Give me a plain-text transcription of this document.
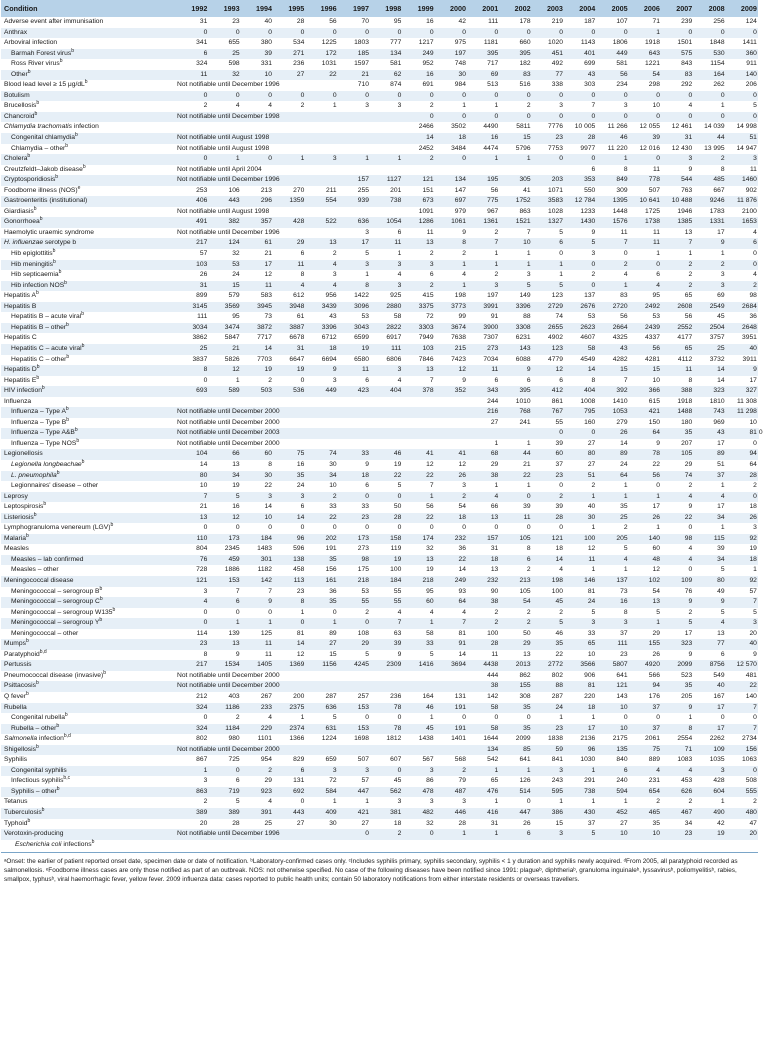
Condition	1992	1993	1994	1995	1996	1997	1998	1999	2000	2001	2002	2003	2004	2005	2006	2007	2008	2009	
Adverse event after immunisation	31	23	40	28	56	70	95	16	42	111	178	219	187	107	71	239	256	124	
Anthrax	0	0	0	0	0	0	0	0	0	0	0	0	0	0	1	0	0	0	
Arboviral infection	341	655	380	534	1225	1803	777	1217	975	1181	660	1020	1143	1806	1918	1501	1848	1411	
Barmah Forest virus$^b$	6	25	39	271	172	185	134	249	197	395	395	451	401	449	643	575	530	360	
Ross River virus$^b$	324	598	331	236	1031	1597	581	952	748	717	182	492	699	581	1221	843	1154	911	
Other$^b$	11	32	10	27	22	21	62	16	30	69	83	77	43	56	54	83	164	140	
Blood lead level ≥ 15 $\mu g/dL^b$	Not notifiable until December 1996					710	874	691	984	513	516	338	303	234	298	292	262	206	
Botulism	0	0	0	0	0	0	0	0	0	0	0	0	0	0	0	0	0	0	
Brucellosis$^b$	2	4	4	2	1	3	3	2	1	1	2	3	7	3	10	4	1	5	
Chancroid$^b$	Not notifiable until December 1998							0	0	0	0	0	0	0	0	0	0	0	
Chlamydia trachomatis infection								2466	3502	4490	5811	7776	10 005	11 266	12 055	12 461	14 039	14 998	
Congenital chlamydia$^b$	Not notifiable until August 1998							14	18	16	15	23	28	46	39	31	44	51	
Chlamydia – other$^b$	Not notifiable until August 1998							2452	3484	4474	5796	7753	9977	11 220	12 016	12 430	13 995	14 947	
Cholera$^b$	0	1	0	1	3	1	1	2	0	1	1	0	0	1	0	3	2	3	
Creutzfeldt–Jakob disease$^b$	Not notifiable until April 2004												6	8	11	9	8	11	
Cryptosporidiosis$^b$	Not notifiable until December 1996					157	1127	121	134	195	305	203	353	849	778	544	485	1460	
Foodborne illness (NOS)$^e$	253	106	213	270	211	255	201	151	147	56	41	1071	550	309	507	763	667	902	
Gastroenteritis (institutional)	406	443	296	1359	554	939	738	673	697	775	1752	3583	12 784	1395	10 641	10 488	9246	11 876	
Giardiasis$^b$	Not notifiable until August 1998							1091	979	967	863	1028	1233	1448	1725	1946	1783	2100	
Gonorrhoea$^b$	491	382	357	428	522	636	1054	1286	1061	1361	1521	1327	1430	1576	1738	1385	1331	1653	
Haemolytic uraemic syndrome	Not notifiable until December 1996					3	6	11	9	2	7	5	9	11	11	13	17	4	
H. influenzae serotype b	217	124	61	29	13	17	11	13	8	7	10	6	5	7	11	7	9	6	
Hib epiglottitis$^b$	57	32	21	6	2	5	1	2	2	1	1	0	3	0	1	1	1	0	
Hib meningitis$^b$	103	53	17	11	4	3	3	3	1	1	1	1	0	2	0	2	2	0	
Hib septicaemia$^b$	26	24	12	8	3	1	4	6	4	2	3	1	2	4	6	2	3	4	
Hib infection NOS$^b$	31	15	11	4	4	8	3	2	1	3	5	5	0	1	4	2	3	2	
Hepatitis $A^b$	899	579	583	612	956	1422	925	415	198	197	149	123	137	83	95	65	69	98	
Hepatitis B	3145	3569	3945	3948	3439	3096	2880	3375	3773	3991	3396	2729	2676	2720	2492	2608	2549	2684	
Hepatitis B – acute viral$^b$	111	95	73	61	43	53	58	72	99	91	88	74	53	56	53	56	45	36	
Hepatitis B – other$^b$	3034	3474	3872	3887	3396	3043	2822	3303	3674	3900	3308	2655	2623	2664	2439	2552	2504	2648	
Hepatitis C	3862	5847	7717	6678	6712	6599	6917	7949	7638	7307	6231	4902	4607	4325	4337	4177	3757	3951	
Hepatitis C – acute viral$^b$	25	21	14	31	18	19	111	103	215	273	143	123	58	43	56	65	25	40	
Hepatitis C – other$^b$	3837	5826	7703	6647	6694	6580	6806	7846	7423	7034	6088	4779	4549	4282	4281	4112	3732	3911	
Hepatitis $D^b$	8	12	19	19	9	11	3	13	12	11	9	12	14	15	15	11	14	9	
Hepatitis $E^b$	0	1	2	0	3	6	4	7	9	6	6	6	8	7	10	8	14	17	
HIV infection$^b$	693	589	503	536	449	423	404	378	352	343	395	412	404	392	366	388	323	327	
Influenza										244	1010	861	1008	1410	615	1918	1810	11 308	
Influenza – Type $A^b$	Not notifiable until December 2000									216	768	767	795	1053	421	1488	743	11 298	
Influenza – Type $B^b$	Not notifiable until December 2000									27	241	55	160	279	150	180	969	10	
Influenza – Type $A\&B^b$	Not notifiable until December 2003											0	0	26	64	35	43	81	0
Influenza – Type NOS$^b$	Not notifiable until December 2000									1	1	39	27	14	9	207	17	0	
Legionellosis	104	66	60	75	74	33	46	41	41	68	44	60	80	89	78	105	89	94	
Legionella longbeachae$^b$	14	13	8	16	30	9	19	12	12	29	21	37	27	24	22	29	51	64	
L. pneumophila$^b$	80	34	30	35	34	18	22	22	26	38	22	23	51	64	56	74	37	28	
Legionnaires' disease – other	10	19	22	24	10	6	5	7	3	1	1	0	2	1	0	2	1	2	
Leprosy	7	5	3	3	2	0	0	1	2	4	0	2	1	1	1	4	4	0	
Leptospirosis$^b$	21	16	14	6	33	33	50	56	54	66	39	39	40	35	17	9	17	18	
Listeriosis$^b$	13	12	10	14	22	23	28	22	18	13	11	28	30	25	26	22	34	26	
Lymphogranuloma venereum (LGV)$^b$	0	0	0	0	0	0	0	0	0	0	0	0	1	2	1	0	1	3	
Malaria$^b$	110	173	184	96	202	173	158	174	232	157	105	121	100	205	140	98	115	92	
Measles	804	2345	1483	596	191	273	119	32	36	31	8	18	12	5	60	4	39	19	
Measles – lab confirmed	76	459	301	138	35	98	19	13	22	18	6	14	11	4	48	4	34	18	
Measles – other	728	1886	1182	458	156	175	100	19	14	13	2	4	1	1	12	0	5	1	
Meningococcal disease	121	153	142	113	161	218	184	218	249	232	213	198	146	137	102	109	80	92	
Meningococcal – serogroup $B^b$	3	7	7	23	36	53	55	95	93	90	105	100	81	73	54	76	49	57	
Meningococcal – serogroup $C^b$	4	6	9	8	35	55	55	60	64	38	54	45	24	16	13	9	9	7	
Meningococcal – serogroup W135$^b$	0	0	0	1	0	2	4	4	4	2	2	2	5	8	5	2	5	5	
Meningococcal – serogroup $Y^b$	0	1	1	0	1	0	7	1	7	2	2	5	3	3	1	5	4	3	
Meningococcal – other	114	139	125	81	89	108	63	58	81	100	50	46	33	37	29	17	13	20	
Mumps$^b$	23	13	11	14	27	29	39	33	91	28	29	35	65	111	155	323	77	40	
Paratyphoid$^{b,d}$	8	9	11	12	15	5	9	5	14	11	13	22	10	23	26	9	6	9	
Pertussis	217	1534	1405	1369	1156	4245	2309	1416	3694	4438	2013	2772	3566	5807	4920	2099	8756	12 570	
Pneumococcal disease (invasive)$^b$	Not notifiable until December 2000									444	862	802	906	641	566	523	549	481	
Psittacosis$^b$	Not notifiable until December 2000									38	155	88	81	121	94	35	40	22	
Q fever$^b$	212	403	267	200	287	257	236	164	131	142	308	287	220	143	176	205	167	140	
Rubella	324	1186	233	2375	636	153	78	46	191	58	35	24	18	10	37	9	17	7	
Congenital rubella$^b$	0	2	4	1	5	0	0	1	0	0	0	1	1	0	0	1	0	0	
Rubella – other$^b$	324	1184	229	2374	631	153	78	45	191	58	35	23	17	10	37	8	17	7	
Salmonella infection$^{b,d}$	802	980	1101	1366	1224	1698	1812	1438	1401	1644	2099	1838	2136	2175	2061	2554	2262	2734	
Shigellosis$^b$	Not notifiable until December 2000									134	85	59	96	135	75	71	109	156	
Syphilis	867	725	954	829	659	507	607	567	568	542	641	841	1030	840	889	1083	1035	1063	
Congenital syphilis	1	0	2	6	3	3	0	3	2	1	1	3	1	6	4	4	3	0	
Infectious syphilis$^{b,c}$	3	6	29	131	72	57	45	86	79	65	126	243	291	240	231	453	428	508	
Syphilis – other$^b$	863	719	923	692	584	447	562	478	487	476	514	595	738	594	654	626	604	555	
Tetanus	2	5	4	0	1	1	3	3	3	1	0	1	1	1	2	2	1	2	
Tuberculosis$^b$	389	389	391	443	409	421	381	482	446	416	447	386	430	452	465	467	490	480	
Typhoid$^b$	20	28	25	27	30	27	18	32	28	31	26	15	37	27	35	34	42	47	
Verotoxin-producing	Not notifiable until December 1996					0	2	0	1	1	6	3	5	10	10	23	19	20	
Escherichia coli infections$^b$																		
ᵃOnset: the earlier of patient reported onset date, specimen date or date of notification. ᵇLaboratory-confirmed cases only. ᶜIncludes syphilis primary, syphilis secondary, syphilis < 1 y duration and syphilis newly acquired. ᵈFrom 2005, all paratyphoid recorded as salmonellosis. ᵉFoodborne illness cases are only those notified as part of an outbreak. NOS: not otherwise specified. No case of the following diseases have been notified since 1991: plagueᵇ, diphtheriaᵇ, granuloma inguinaleᵇ, lyssavirusᵇ, poliomyelitisᵇ, rabies, smallpox, typhusᵇ, viral haemorrhagic fever, yellow fever. 2009 influenza data: cases reported to public health units; contain 50 laboratory notifications from either interstate residents or overseas travellers.
